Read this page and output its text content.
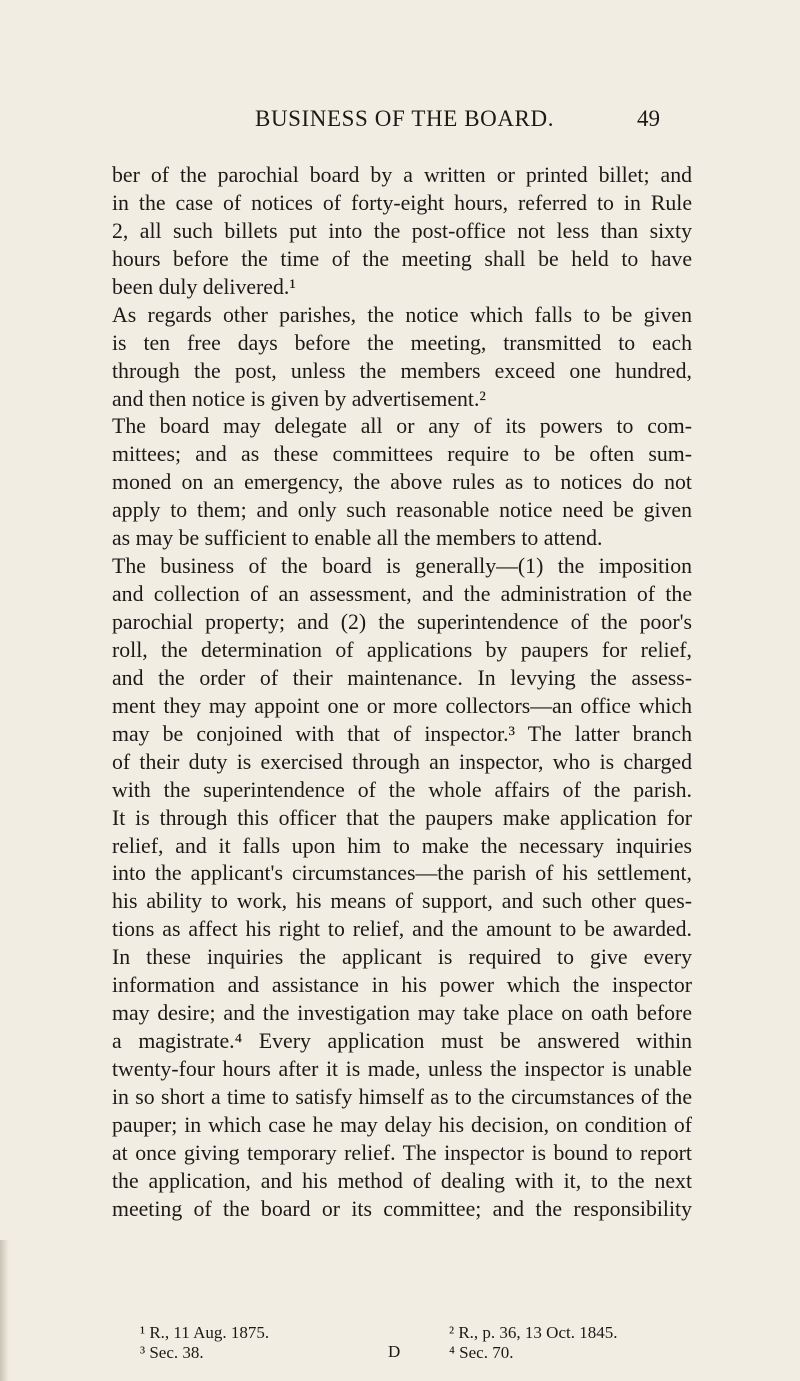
BUSINESS OF THE BOARD.	49
ber of the parochial board by a written or printed billet; and
in the case of notices of forty-eight hours, referred to in Rule
2, all such billets put into the post-office not less than sixty
hours before the time of the meeting shall be held to have
been duly delivered.¹
As regards other parishes, the notice which falls to be given
is ten free days before the meeting, transmitted to each
through the post, unless the members exceed one hundred,
and then notice is given by advertisement.²
The board may delegate all or any of its powers to com-
mittees; and as these committees require to be often sum-
moned on an emergency, the above rules as to notices do not
apply to them; and only such reasonable notice need be given
as may be sufficient to enable all the members to attend.
The business of the board is generally—(1) the imposition
and collection of an assessment, and the administration of the
parochial property; and (2) the superintendence of the poor's
roll, the determination of applications by paupers for relief,
and the order of their maintenance. In levying the assess-
ment they may appoint one or more collectors—an office which
may be conjoined with that of inspector.³ The latter branch
of their duty is exercised through an inspector, who is charged
with the superintendence of the whole affairs of the parish.
It is through this officer that the paupers make application for
relief, and it falls upon him to make the necessary inquiries
into the applicant's circumstances—the parish of his settlement,
his ability to work, his means of support, and such other ques-
tions as affect his right to relief, and the amount to be awarded.
In these inquiries the applicant is required to give every
information and assistance in his power which the inspector
may desire; and the investigation may take place on oath before
a magistrate.⁴ Every application must be answered within
twenty-four hours after it is made, unless the inspector is unable
in so short a time to satisfy himself as to the circumstances of the
pauper; in which case he may delay his decision, on condition of
at once giving temporary relief. The inspector is bound to report
the application, and his method of dealing with it, to the next
meeting of the board or its committee; and the responsibility
¹ R., 11 Aug. 1875.	² R., p. 36, 13 Oct. 1845.
³ Sec. 38.	⁴ Sec. 70.
D
